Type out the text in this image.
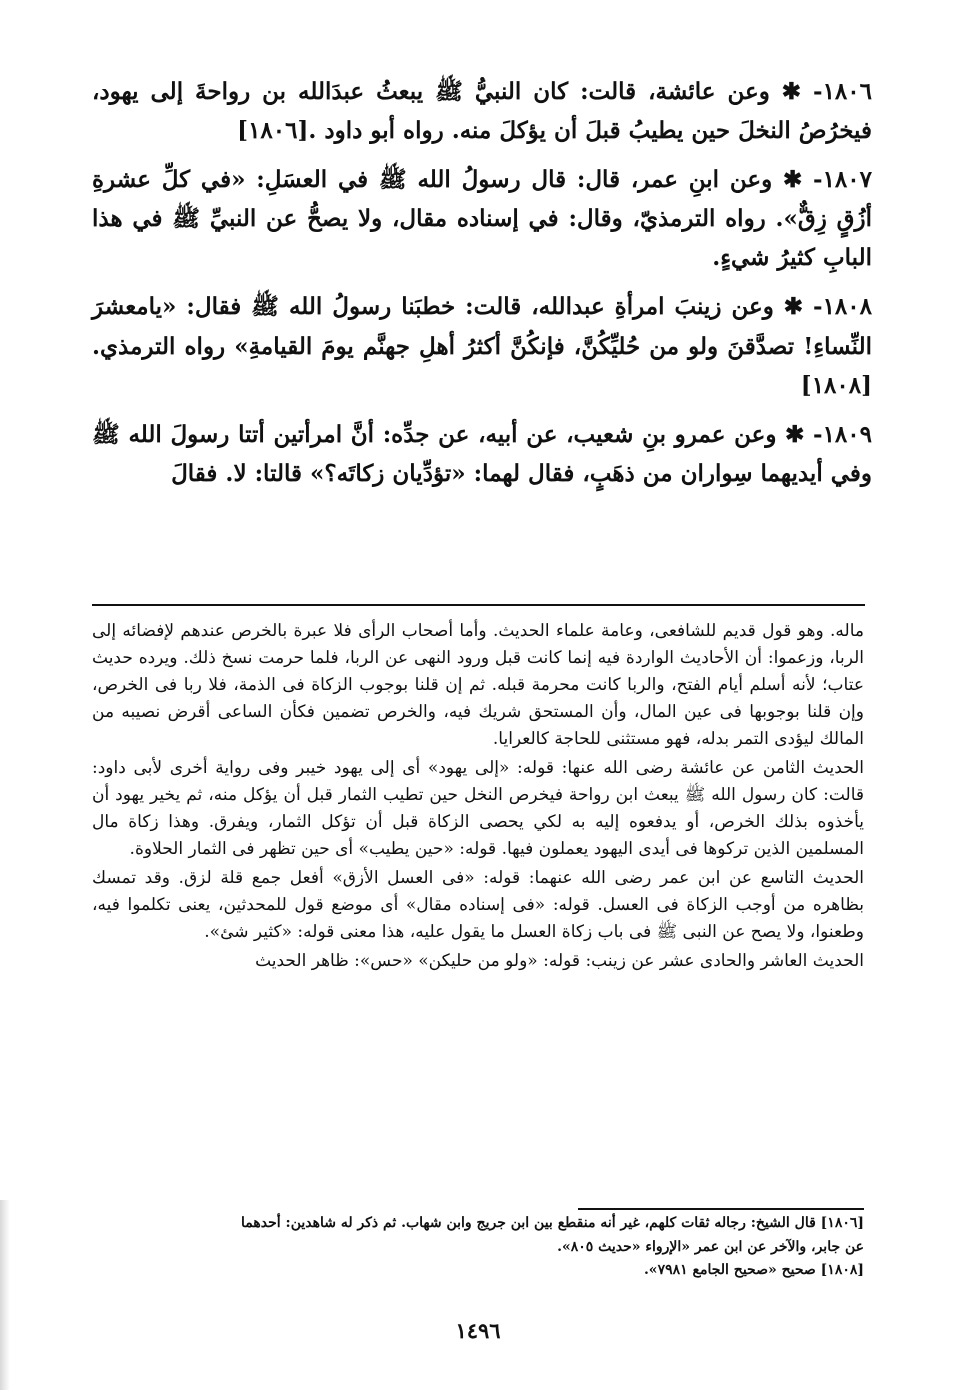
١٨٠٦- ✱ وعن عائشة، قالت: كان النبيُّ ﷺ يبعثُ عبدَالله بن رواحةَ إلى يهود، فيخرُصُ النخلَ حين يطيبُ قبلَ أن يؤكلَ منه. رواه أبو داود .[١٨٠٦]

١٨٠٧- ✱ وعن ابنِ عمر، قال: قال رسولُ الله ﷺ في العسَلِ: «في كلِّ عشرةِ أزُقٍ زِقٌّ». رواه الترمذيّ، وقال: في إسناده مقال، ولا يصحُّ عن النبيِّ ﷺ في هذا البابِ كثيرُ شيءٍ.

١٨٠٨- ✱ وعن زينبَ امرأةِ عبدالله، قالت: خطبَنا رسولُ الله ﷺ فقال: «يامعشرَ النِّساءِ! تصدَّقنَ ولو من حُليِّكُنَّ، فإنكُنَّ أكثرُ أهلِ جهنَّم يومَ القيامةِ» رواه الترمذي.[١٨٠٨]

١٨٠٩- ✱ وعن عمرو بنِ شعيب، عن أبيه، عن جدِّه: أنَّ امرأتين أتتا رسولَ الله ﷺ وفي أيديهما سِواران من ذهَبٍ، فقال لهما: «تؤدِّيان زكاتَه؟» قالتا: لا. فقالَ

ماله. وهو قول قديم للشافعى، وعامة علماء الحديث. وأما أصحاب الرأى فلا عبرة بالخرص عندهم لإفضائه إلى الربا، وزعموا: أن الأحاديث الواردة فيه إنما كانت قبل ورود النهى عن الربا، فلما حرمت نسخ ذلك. ويرده حديث عتاب؛ لأنه أسلم أيام الفتح، والربا كانت محرمة قبله. ثم إن قلنا بوجوب الزكاة فى الذمة، فلا ربا فى الخرص، وإن قلنا بوجوبها فى عين المال، وأن المستحق شريك فيه، والخرص تضمين فكأن الساعى أقرض نصيبه من المالك ليؤدى التمر بدله، فهو مستثنى للحاجة كالعرايا.

الحديث الثامن عن عائشة رضى الله عنها: قوله: «إلى يهود» أى إلى يهود خيبر وفى رواية أخرى لأبى داود: قالت: كان رسول الله ﷺ يبعث ابن رواحة فيخرص النخل حين تطيب الثمار قبل أن يؤكل منه، ثم يخير يهود أن يأخذوه بذلك الخرص، أو يدفعوه إليه به لكي يحصى الزكاة قبل أن تؤكل الثمار، ويفرق. وهذا زكاة مال المسلمين الذين تركوها فى أيدى اليهود يعملون فيها. قوله: «حين يطيب» أى حين تظهر فى الثمار الحلاوة.

الحديث التاسع عن ابن عمر رضى الله عنهما: قوله: «فى العسل الأزق» أفعل جمع قلة لزق. وقد تمسك بظاهره من أوجب الزكاة فى العسل. قوله: «فى إسناده مقال» أى موضع قول للمحدثين، يعنى تكلموا فيه، وطعنوا، ولا يصح عن النبى ﷺ فى باب زكاة العسل ما يقول عليه، هذا معنى قوله: «كثير شئ».

الحديث العاشر والحادى عشر عن زينب: قوله: «ولو من حليكن» «حس»: ظاهر الحديث

[١٨٠٦] قال الشيخ: رجاله ثقات كلهم، غير أنه منقطع بين ابن جريج وابن شهاب. ثم ذكر له شاهدين: أحدهما

عن جابر، والآخر عن ابن عمر «الإرواء «حديث ٨٠٥».

[١٨٠٨] صحيح «صحيح الجامع ٧٩٨١».

١٤٩٦
